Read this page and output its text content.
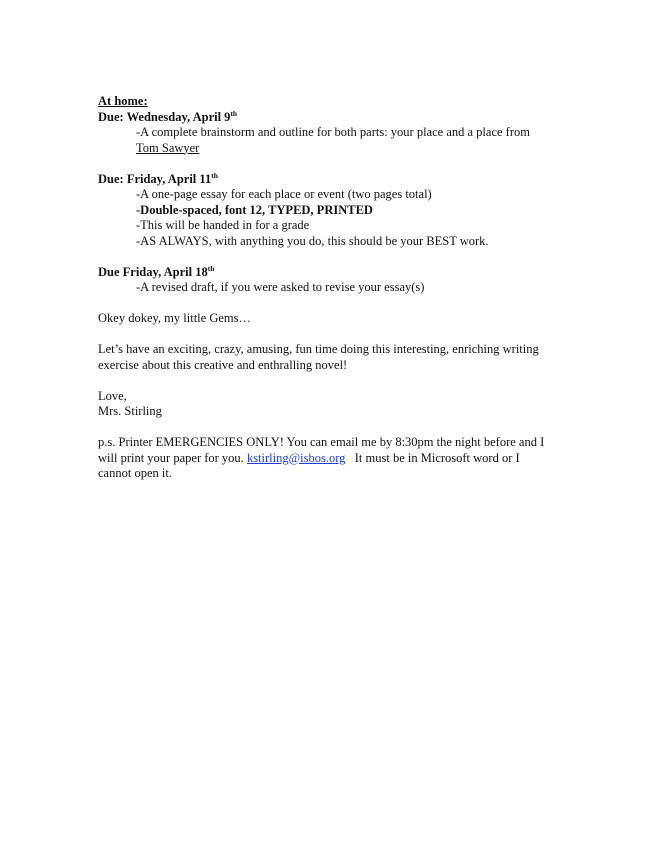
At home:
Due: Wednesday, April 9th
-A complete brainstorm and outline for both parts: your place and a place from
Tom Sawyer
Due: Friday, April 11th
-A one-page essay for each place or event (two pages total)
-Double-spaced, font 12, TYPED, PRINTED
-This will be handed in for a grade
-AS ALWAYS, with anything you do, this should be your BEST work.
Due Friday, April 18th
-A revised draft, if you were asked to revise your essay(s)
Okey dokey, my little Gems…
Let’s have an exciting, crazy, amusing, fun time doing this interesting, enriching writing
exercise about this creative and enthralling novel!
Love,
Mrs. Stirling
p.s. Printer EMERGENCIES ONLY! You can email me by 8:30pm the night before and I
will print your paper for you. kstirling@isbos.org It must be in Microsoft word or I
cannot open it.
